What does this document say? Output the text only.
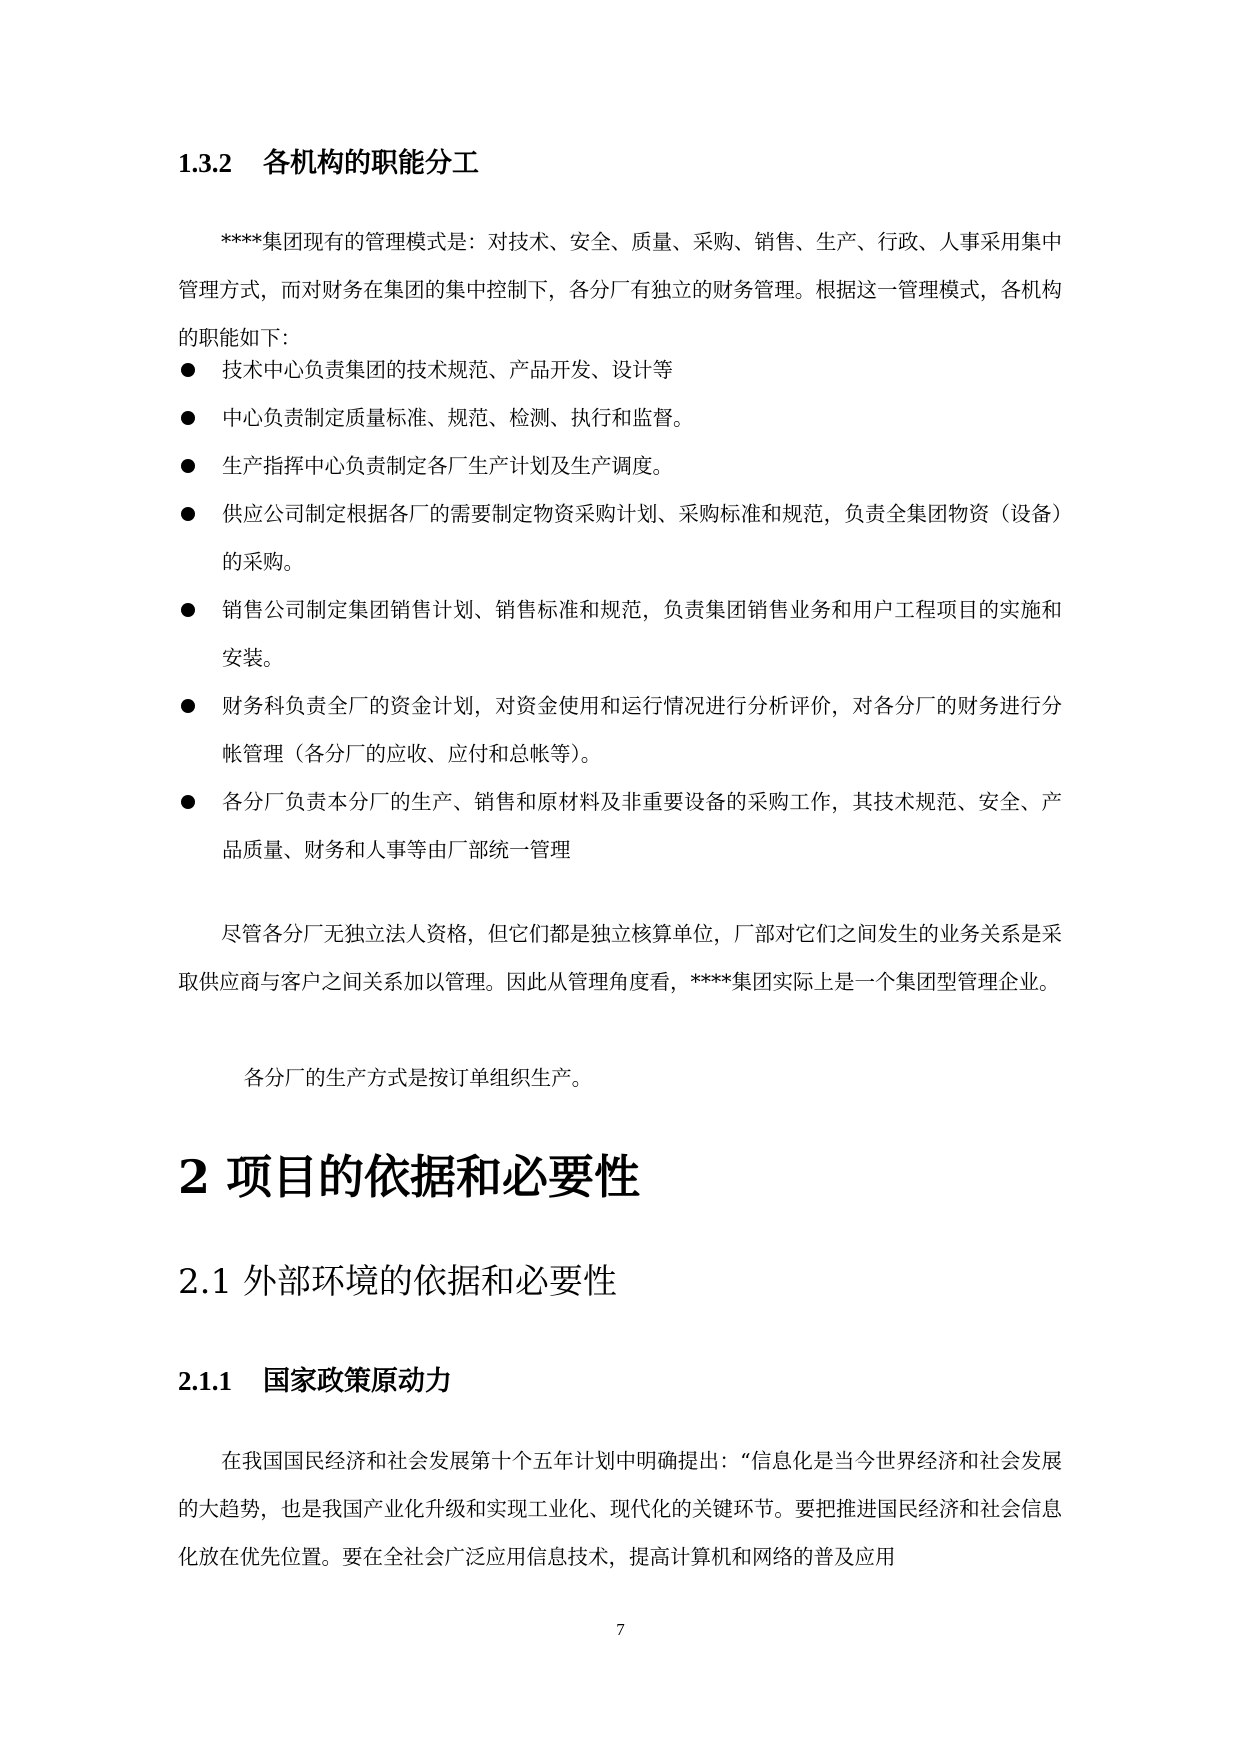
1.3.2 各机构的职能分工

****集团现有的管理模式是：对技术、安全、质量、采购、销售、生产、行政、人事采用集中管理方式，而对财务在集团的集中控制下，各分厂有独立的财务管理。根据这一管理模式，各机构的职能如下：

技术中心负责集团的技术规范、产品开发、设计等
中心负责制定质量标准、规范、检测、执行和监督。
生产指挥中心负责制定各厂生产计划及生产调度。
供应公司制定根据各厂的需要制定物资采购计划、采购标准和规范，负责全集团物资（设备）的采购。
销售公司制定集团销售计划、销售标准和规范，负责集团销售业务和用户工程项目的实施和安装。
财务科负责全厂的资金计划，对资金使用和运行情况进行分析评价，对各分厂的财务进行分帐管理（各分厂的应收、应付和总帐等）。
各分厂负责本分厂的生产、销售和原材料及非重要设备的采购工作，其技术规范、安全、产品质量、财务和人事等由厂部统一管理

尽管各分厂无独立法人资格，但它们都是独立核算单位，厂部对它们之间发生的业务关系是采取供应商与客户之间关系加以管理。因此从管理角度看，****集团实际上是一个集团型管理企业。

各分厂的生产方式是按订单组织生产。

2 项目的依据和必要性
2.1 外部环境的依据和必要性
2.1.1 国家政策原动力

在我国国民经济和社会发展第十个五年计划中明确提出：“信息化是当今世界经济和社会发展的大趋势，也是我国产业化升级和实现工业化、现代化的关键环节。要把推进国民经济和社会信息化放在优先位置。要在全社会广泛应用信息技术，提高计算机和网络的普及应用

7
